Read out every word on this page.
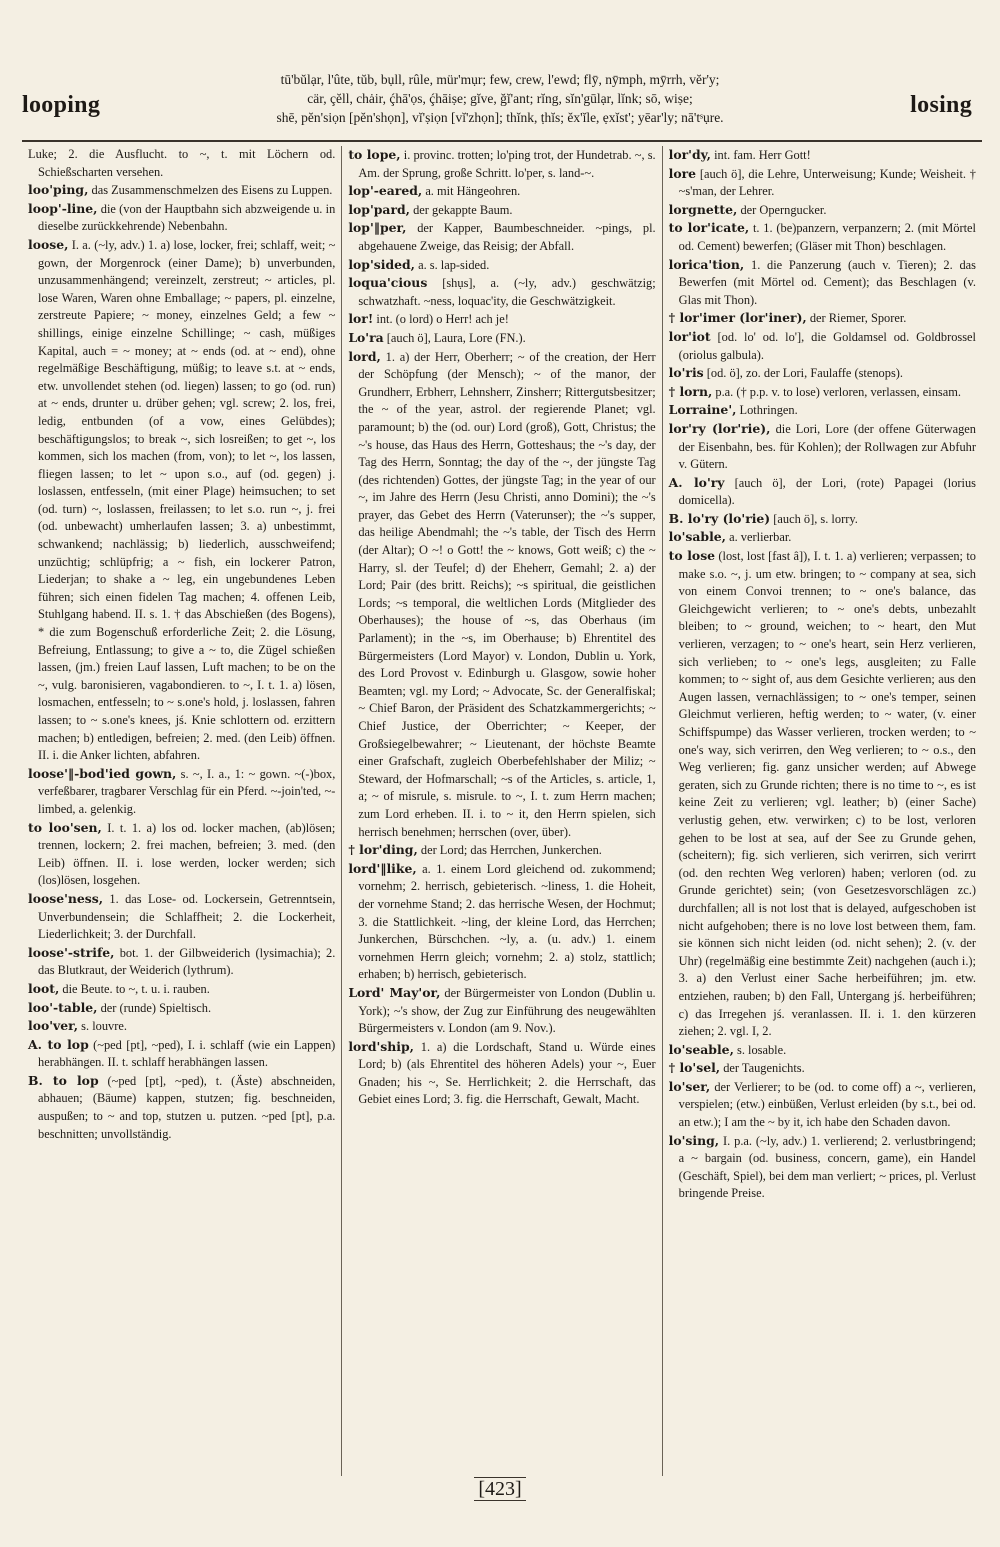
looping
tū'bŭlạr, l'ûte, tŭb, bụll, rûle, mür'mụr; few, crew, l'ewd; flȳ, nȳmph, mȳrrh, vĕr'y;
cär, çĕll, chȧir, ḉhā'ọs, ḉhāiṣe; gĭve, ğĭ'ant; rĭng, sĭn'gūlạr, lĭnk; sō, wiṣe;
shē, pĕn'siọn [pĕn'shọn], vĭ'ṣiọn [vĭ'zhọn]; thĭnk, ṭhĭs; ĕx'ĭle, ẹxĭst'; yēar'ly; nā'tˢụre.	losing

Luke; 2. die Ausflucht. to ~, t. mit Löchern od. Schießscharten versehen.

loo'ping, das Zusammenschmelzen des Eisens zu Luppen.

loop'-line, die (von der Hauptbahn sich abzweigende u. in dieselbe zurückkehrende) Nebenbahn.

loose, I. a. (~ly, adv.) 1. a) lose, locker, frei; schlaff, weit; ~ gown, der Morgenrock (einer Dame); b) unverbunden, unzusammenhängend; vereinzelt, zerstreut; ~ articles, pl. lose Waren, Waren ohne Emballage; ~ papers, pl. einzelne, zerstreute Papiere; ~ money, einzelnes Geld; a few ~ shillings, einige einzelne Schillinge; ~ cash, müßiges Kapital, auch = ~ money; at ~ ends (od. at ~ end), ohne regelmäßige Beschäftigung, müßig; to leave s.t. at ~ ends, etw. unvollendet stehen (od. liegen) lassen; to go (od. run) at ~ ends, drunter u. drüber gehen; vgl. screw; 2. los, frei, ledig, entbunden (of a vow, eines Gelübdes); beschäftigungslos; to break ~, sich losreißen; to get ~, los kommen, sich los machen (from, von); to let ~, los lassen, fliegen lassen; to let ~ upon s.o., auf (od. gegen) j. loslassen, entfesseln, (mit einer Plage) heimsuchen; to set (od. turn) ~, loslassen, freilassen; to let s.o. run ~, j. frei (od. unbewacht) umherlaufen lassen; 3. a) unbestimmt, schwankend; nachlässig; b) liederlich, ausschweifend; unzüchtig; schlüpfrig; a ~ fish, ein lockerer Patron, Liederjan; to shake a ~ leg, ein ungebundenes Leben führen; sich einen fidelen Tag machen; 4. offenen Leib, Stuhlgang habend. II. s. 1. † das Abschießen (des Bogens), * die zum Bogenschuß erforderliche Zeit; 2. die Lösung, Befreiung, Entlassung; to give a ~ to, die Zügel schießen lassen, (jm.) freien Lauf lassen, Luft machen; to be on the ~, vulg. baronisieren, vagabondieren. to ~, I. t. 1. a) lösen, losmachen, entfesseln; to ~ s.one's hold, j. loslassen, fahren lassen; to ~ s.one's knees, jś. Knie schlottern od. erzittern machen; b) entledigen, befreien; 2. med. (den Leib) öffnen. II. i. die Anker lichten, abfahren.

loose'‖-bod'ied gown, s. ~, I. a., 1: ~ gown. ~(-)box, verfeßbarer, tragbarer Verschlag für ein Pferd. ~-join'ted, ~-limbed, a. gelenkig.

to loo'sen, I. t. 1. a) los od. locker machen, (ab)lösen; trennen, lockern; 2. frei machen, befreien; 3. med. (den Leib) öffnen. II. i. lose werden, locker werden; sich (los)lösen, losgehen.

loose'ness, 1. das Lose- od. Lockersein, Getrenntsein, Unverbundensein; die Schlaffheit; 2. die Lockerheit, Liederlichkeit; 3. der Durchfall.

loose'-strife, bot. 1. der Gilbweiderich (lysimachia); 2. das Blutkraut, der Weiderich (lythrum).

loot, die Beute. to ~, t. u. i. rauben.

loo'-table, der (runde) Spieltisch.

loo'ver, s. louvre.

A. to lop (~ped [pt], ~ped), I. i. schlaff (wie ein Lappen) herabhängen. II. t. schlaff herabhängen lassen.

B. to lop (~ped [pt], ~ped), t. (Äste) abschneiden, abhauen; (Bäume) kappen, stutzen; fig. beschneiden, auspußen; to ~ and top, stutzen u. putzen. ~ped [pt], p.a. beschnitten; unvollständig.

to lope, i. provinc. trotten; lo'ping trot, der Hundetrab. ~, s. Am. der Sprung, große Schritt. lo'per, s. land-~.

lop'-eared, a. mit Hängeohren.

lop'pard, der gekappte Baum.

lop'‖per, der Kapper, Baumbeschneider. ~pings, pl. abgehauene Zweige, das Reisig; der Abfall.

lop'sided, a. s. lap-sided.

loqua'cious [shụs], a. (~ly, adv.) geschwätzig; schwatzhaft. ~ness, loquac'ity, die Geschwätzigkeit.

lor! int. (o lord) o Herr! ach je!

Lo'ra [auch ö], Laura, Lore (FN.).

lord, 1. a) der Herr, Oberherr; ~ of the creation, der Herr der Schöpfung (der Mensch); ~ of the manor, der Grundherr, Erbherr, Lehnsherr, Zinsherr; Rittergutsbesitzer; the ~ of the year, astrol. der regierende Planet; vgl. paramount; b) the (od. our) Lord (groß), Gott, Christus; the ~'s house, das Haus des Herrn, Gotteshaus; the ~'s day, der Tag des Herrn, Sonntag; the day of the ~, der jüngste Tag (des richtenden) Gottes, der jüngste Tag; in the year of our ~, im Jahre des Herrn (Jesu Christi, anno Domini); the ~'s prayer, das Gebet des Herrn (Vaterunser); the ~'s supper, das heilige Abendmahl; the ~'s table, der Tisch des Herrn (der Altar); O ~! o Gott! the ~ knows, Gott weiß; c) the ~ Harry, sl. der Teufel; d) der Eheherr, Gemahl; 2. a) der Lord; Pair (des britt. Reichs); ~s spiritual, die geistlichen Lords; ~s temporal, die weltlichen Lords (Mitglieder des Oberhauses); the house of ~s, das Oberhaus (im Parlament); in the ~s, im Oberhause; b) Ehrentitel des Bürgermeisters (Lord Mayor) v. London, Dublin u. York, des Lord Provost v. Edinburgh u. Glasgow, sowie hoher Beamten; vgl. my Lord; ~ Advocate, Sc. der Generalfiskal; ~ Chief Baron, der Präsident des Schatzkammergerichts; ~ Chief Justice, der Oberrichter; ~ Keeper, der Großsiegelbewahrer; ~ Lieutenant, der höchste Beamte einer Grafschaft, zugleich Oberbefehlshaber der Miliz; ~ Steward, der Hofmarschall; ~s of the Articles, s. article, 1, a; ~ of misrule, s. misrule. to ~, I. t. zum Herrn machen; zum Lord erheben. II. i. to ~ it, den Herrn spielen, sich herrisch benehmen; herrschen (over, über).

† lor'ding, der Lord; das Herrchen, Junkerchen.

lord'‖like, a. 1. einem Lord gleichend od. zukommend; vornehm; 2. herrisch, gebieterisch. ~liness, 1. die Hoheit, der vornehme Stand; 2. das herrische Wesen, der Hochmut; 3. die Stattlichkeit. ~ling, der kleine Lord, das Herrchen; Junkerchen, Bürschchen. ~ly, a. (u. adv.) 1. einem vornehmen Herrn gleich; vornehm; 2. a) stolz, stattlich; erhaben; b) herrisch, gebieterisch.

Lord' May'or, der Bürgermeister von London (Dublin u. York); ~'s show, der Zug zur Einführung des neugewählten Bürgermeisters v. London (am 9. Nov.).

lord'ship, 1. a) die Lordschaft, Stand u. Würde eines Lord; b) (als Ehrentitel des höheren Adels) your ~, Euer Gnaden; his ~, Se. Herrlichkeit; 2. die Herrschaft, das Gebiet eines Lord; 3. fig. die Herrschaft, Gewalt, Macht.

lor'dy, int. fam. Herr Gott!

lore [auch ö], die Lehre, Unterweisung; Kunde; Weisheit. † ~s'man, der Lehrer.

lorgnette, der Operngucker.

to lor'icate, t. 1. (be)panzern, verpanzern; 2. (mit Mörtel od. Cement) bewerfen; (Gläser mit Thon) beschlagen.

lorica'tion, 1. die Panzerung (auch v. Tieren); 2. das Bewerfen (mit Mörtel od. Cement); das Beschlagen (v. Glas mit Thon).

† lor'imer (lor'iner), der Riemer, Sporer.

lor'iot [od. lo' od. lo'], die Goldamsel od. Goldbrossel (oriolus galbula).

lo'ris [od. ö], zo. der Lori, Faulaffe (stenops).

† lorn, p.a. († p.p. v. to lose) verloren, verlassen, einsam.

Lorraine', Lothringen.

lor'ry (lor'rie), die Lori, Lore (der offene Güterwagen der Eisenbahn, bes. für Kohlen); der Rollwagen zur Abfuhr v. Gütern.

A. lo'ry [auch ö], der Lori, (rote) Papagei (lorius domicella).

B. lo'ry (lo'rie) [auch ö], s. lorry.

lo'sable, a. verlierbar.

to lose (lost, lost [fast â]), I. t. 1. a) verlieren; verpassen; to make s.o. ~, j. um etw. bringen; to ~ company at sea, sich von einem Convoi trennen; to ~ one's balance, das Gleichgewicht verlieren; to ~ one's debts, unbezahlt bleiben; to ~ ground, weichen; to ~ heart, den Mut verlieren, verzagen; to ~ one's heart, sein Herz verlieren, sich verlieben; to ~ one's legs, ausgleiten; zu Falle kommen; to ~ sight of, aus dem Gesichte verlieren; aus den Augen lassen, vernachlässigen; to ~ one's temper, seinen Gleichmut verlieren, heftig werden; to ~ water, (v. einer Schiffspumpe) das Wasser verlieren, trocken werden; to ~ one's way, sich verirren, den Weg verlieren; to ~ o.s., den Weg verlieren; fig. ganz unsicher werden; auf Abwege geraten, sich zu Grunde richten; there is no time to ~, es ist keine Zeit zu verlieren; vgl. leather; b) (einer Sache) verlustig gehen, etw. verwirken; c) to be lost, verloren gehen to be lost at sea, auf der See zu Grunde gehen, (scheitern); fig. sich verlieren, sich verirren, sich verirrt (od. den rechten Weg verloren) haben; verloren (od. zu Grunde gerichtet) sein; (von Gesetzesvorschlägen zc.) durchfallen; all is not lost that is delayed, aufgeschoben ist nicht aufgehoben; there is no love lost between them, fam. sie können sich nicht leiden (od. nicht sehen); 2. (v. der Uhr) (regelmäßig eine bestimmte Zeit) nachgehen (auch i.); 3. a) den Verlust einer Sache herbeiführen; jm. etw. entziehen, rauben; b) den Fall, Untergang jś. herbeiführen; c) das Irregehen jś. veranlassen. II. i. 1. den kürzeren ziehen; 2. vgl. I, 2.

lo'seable, s. losable.

† lo'sel, der Taugenichts.

lo'ser, der Verlierer; to be (od. to come off) a ~, verlieren, verspielen; (etw.) einbüßen, Verlust erleiden (by s.t., bei od. an etw.); I am the ~ by it, ich habe den Schaden davon.

lo'sing, I. p.a. (~ly, adv.) 1. verlierend; 2. verlustbringend; a ~ bargain (od. business, concern, game), ein Handel (Geschäft, Spiel), bei dem man verliert; ~ prices, pl. Verlust bringende Preise.

[423]
